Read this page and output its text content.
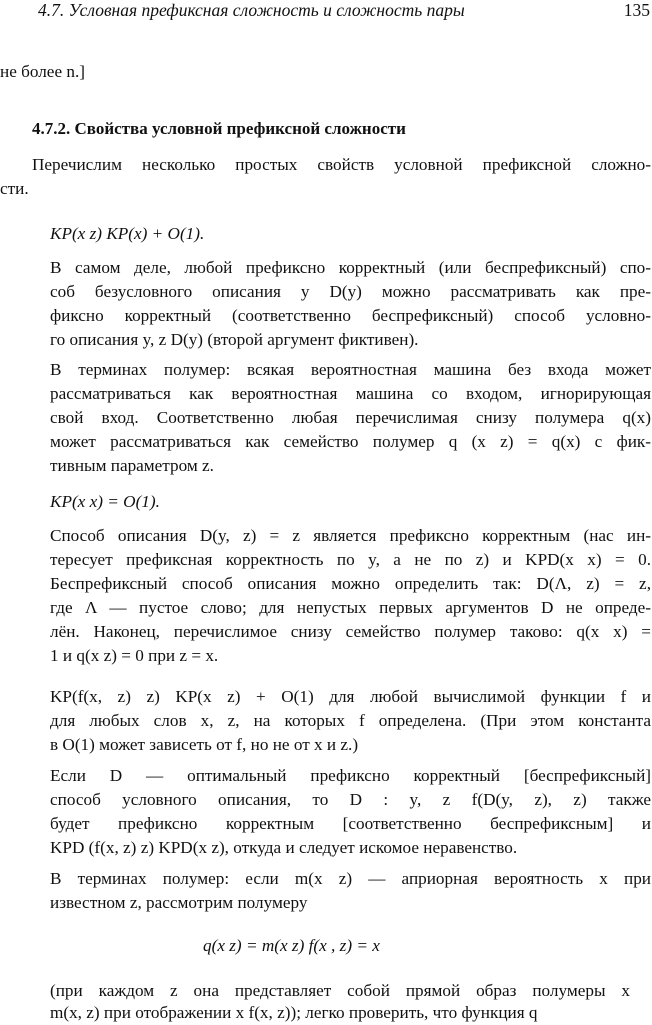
4.7. Условная префиксная сложность и сложность пары	135
не более n.]
4.7.2. Свойства условной префиксной сложности
Перечислим несколько простых свойств условной префиксной сложно-
сти.
KP(x z) KP(x) + O(1).
В самом деле, любой префиксно корректный (или беспрефиксный) спо-
соб безусловного описания y D(y) можно рассматривать как пре-
фиксно корректный (соответственно беспрефиксный) способ условно-
го описания y, z D(y) (второй аргумент фиктивен).
В терминах полумер: всякая вероятностная машина без входа может
рассматриваться как вероятностная машина со входом, игнорирующая
свой вход. Соответственно любая перечислимая снизу полумера q(x)
может рассматриваться как семейство полумер q (x z) = q(x) с фик-
тивным параметром z.
KP(x x) = O(1).
Способ описания D(y, z) = z является префиксно корректным (нас ин-
тересует префиксная корректность по y, а не по z) и KPD(x x) = 0.
Беспрефиксный способ описания можно определить так: D(Λ, z) = z,
где Λ — пустое слово; для непустых первых аргументов D не опреде-
лён. Наконец, перечислимое снизу семейство полумер таково: q(x x) =
1 и q(x z) = 0 при z = x.
KP(f(x, z) z) KP(x z) + O(1) для любой вычислимой функции f и
для любых слов x, z, на которых f определена. (При этом константа
в O(1) может зависеть от f, но не от x и z.)
Если D — оптимальный префиксно корректный [беспрефиксный]
способ условного описания, то D : y, z f(D(y, z), z) также
будет префиксно корректным [соответственно беспрефиксным] и
KPD (f(x, z) z) KPD(x z), откуда и следует искомое неравенство.
В терминах полумер: если m(x z) — априорная вероятность x при
известном z, рассмотрим полумеру
q(x z) = m(x z) f(x , z) = x
(при каждом z она представляет собой прямой образ полумеры x
m(x, z) при отображении x f(x, z)); легко проверить, что функция q
